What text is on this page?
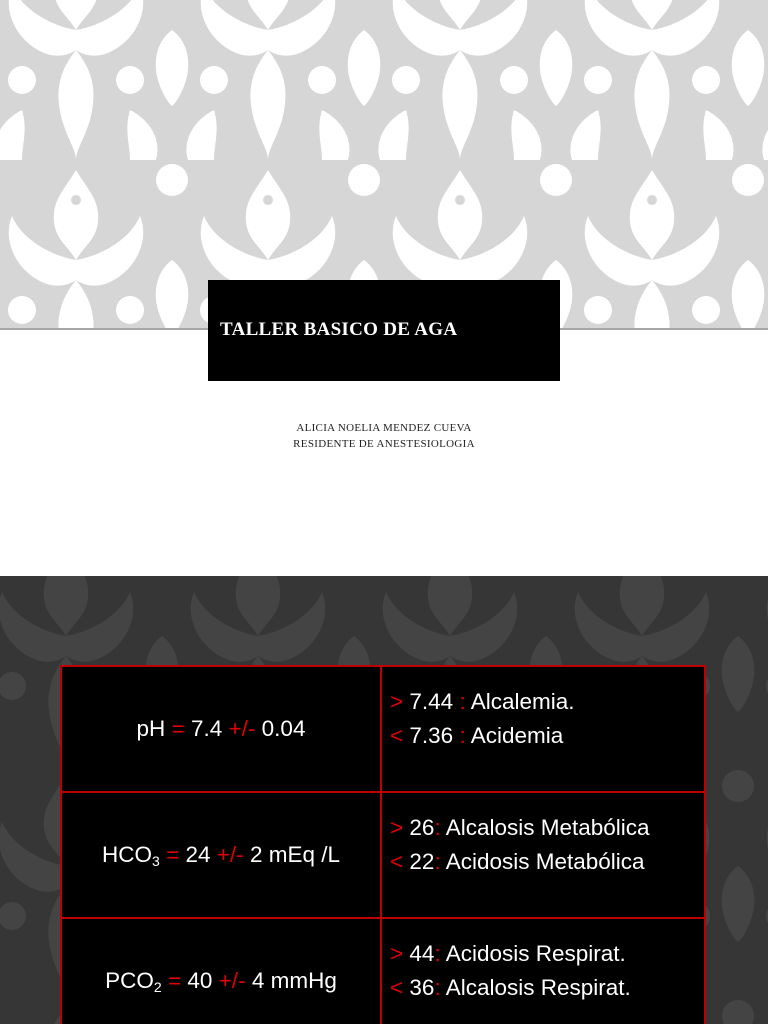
TALLER BASICO DE AGA
ALICIA NOELIA MENDEZ CUEVA
RESIDENTE DE ANESTESIOLOGIA
pH = 7.4 +/- 0.04	> 7.44 : Alcalemia.
< 7.36 : Acidemia

$HCO_3 = 24$ +/- 2 mEq /L	> 26: Alcalosis Metabólica
< 22: Acidosis Metabólica

$PCO_2 = 40$ +/- 4 mmHg	> 44: Acidosis Respirat.
< 36: Alcalosis Respirat.
